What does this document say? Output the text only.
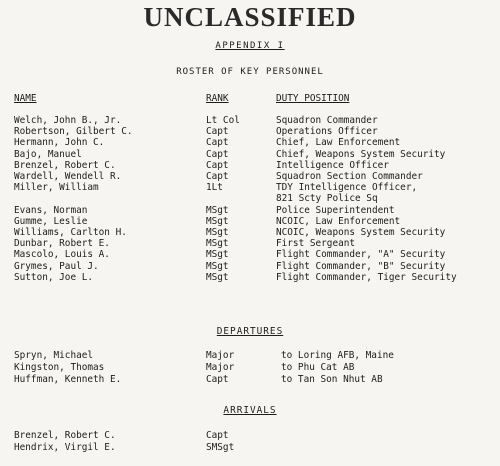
UNCLASSIFIED
APPENDIX I
ROSTER OF KEY PERSONNEL
NAME	RANK	DUTY POSITION
Welch, John B., Jr.	Lt Col	Squadron Commander
Robertson, Gilbert C.	Capt	Operations Officer
Hermann, John C.	Capt	Chief, Law Enforcement
Bajo, Manuel	Capt	Chief, Weapons System Security
Brenzel, Robert C.	Capt	Intelligence Officer
Wardell, Wendell R.	Capt	Squadron Section Commander
Miller, William	1Lt	TDY Intelligence Officer,
821 Scty Police Sq
Evans, Norman	MSgt	Police Superintendent
Gumme, Leslie	MSgt	NCOIC, Law Enforcement
Williams, Carlton H.	MSgt	NCOIC, Weapons System Security
Dunbar, Robert E.	MSgt	First Sergeant
Mascolo, Louis A.	MSgt	Flight Commander, "A" Security
Grymes, Paul J.	MSgt	Flight Commander, "B" Security
Sutton, Joe L.	MSgt	Flight Commander, Tiger Security
DEPARTURES
Spryn, Michael	Major	to Loring AFB, Maine
Kingston, Thomas	Major	to Phu Cat AB
Huffman, Kenneth E.	Capt	to Tan Son Nhut AB
ARRIVALS
Brenzel, Robert C.	Capt
Hendrix, Virgil E.	SMSgt
